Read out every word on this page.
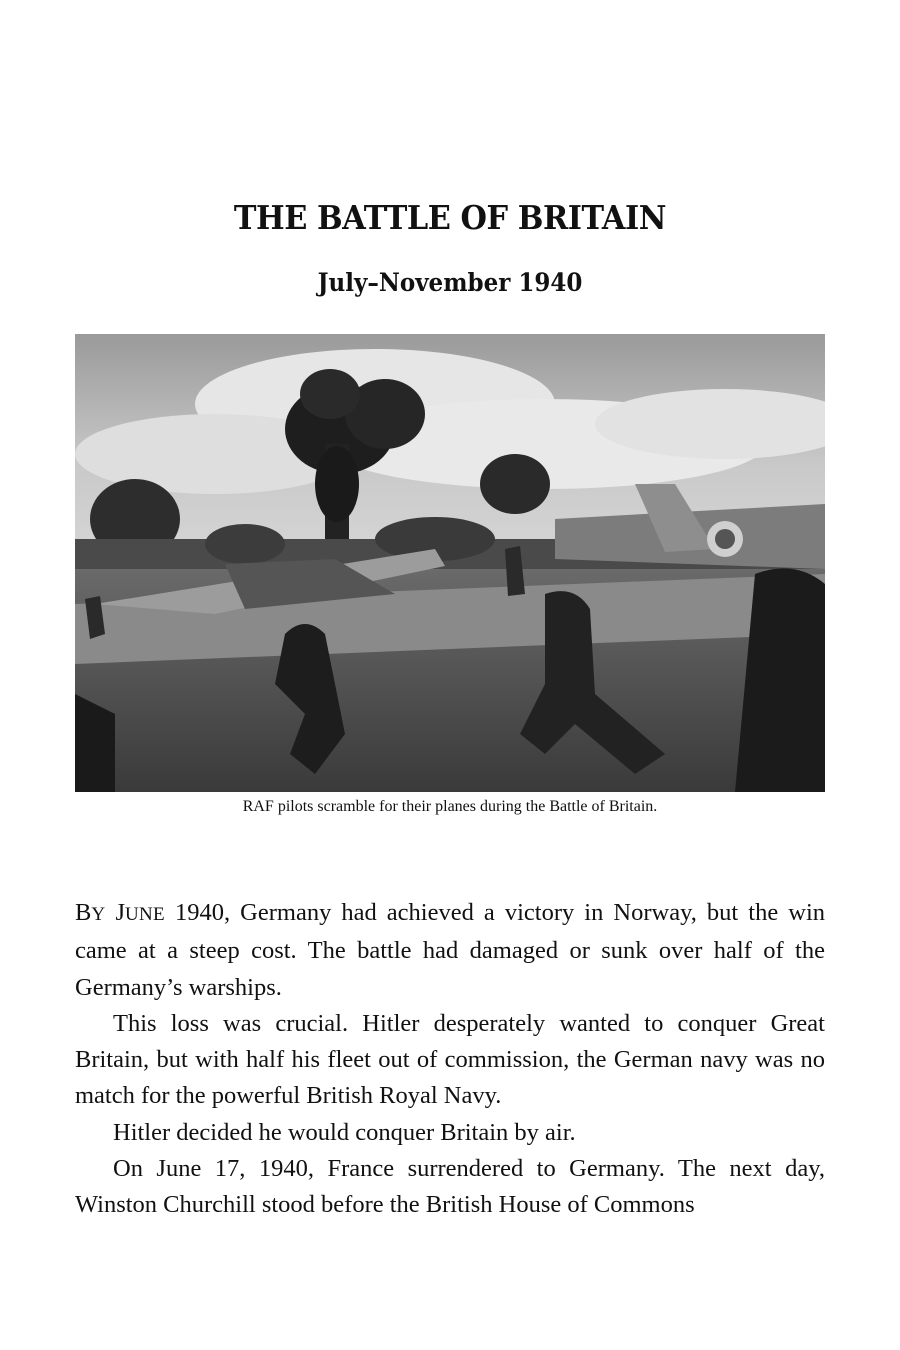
THE BATTLE OF BRITAIN
July–November 1940
RAF pilots scramble for their planes during the Battle of Britain.

BY JUNE 1940, Germany had achieved a victory in Norway, but the win came at a steep cost. The battle had damaged or sunk over half of the Germany’s warships.

This loss was crucial. Hitler desperately wanted to conquer Great Britain, but with half his fleet out of commission, the German navy was no match for the powerful British Royal Navy.

Hitler decided he would conquer Britain by air.

On June 17, 1940, France surrendered to Germany. The next day, Winston Churchill stood before the British House of Commons
